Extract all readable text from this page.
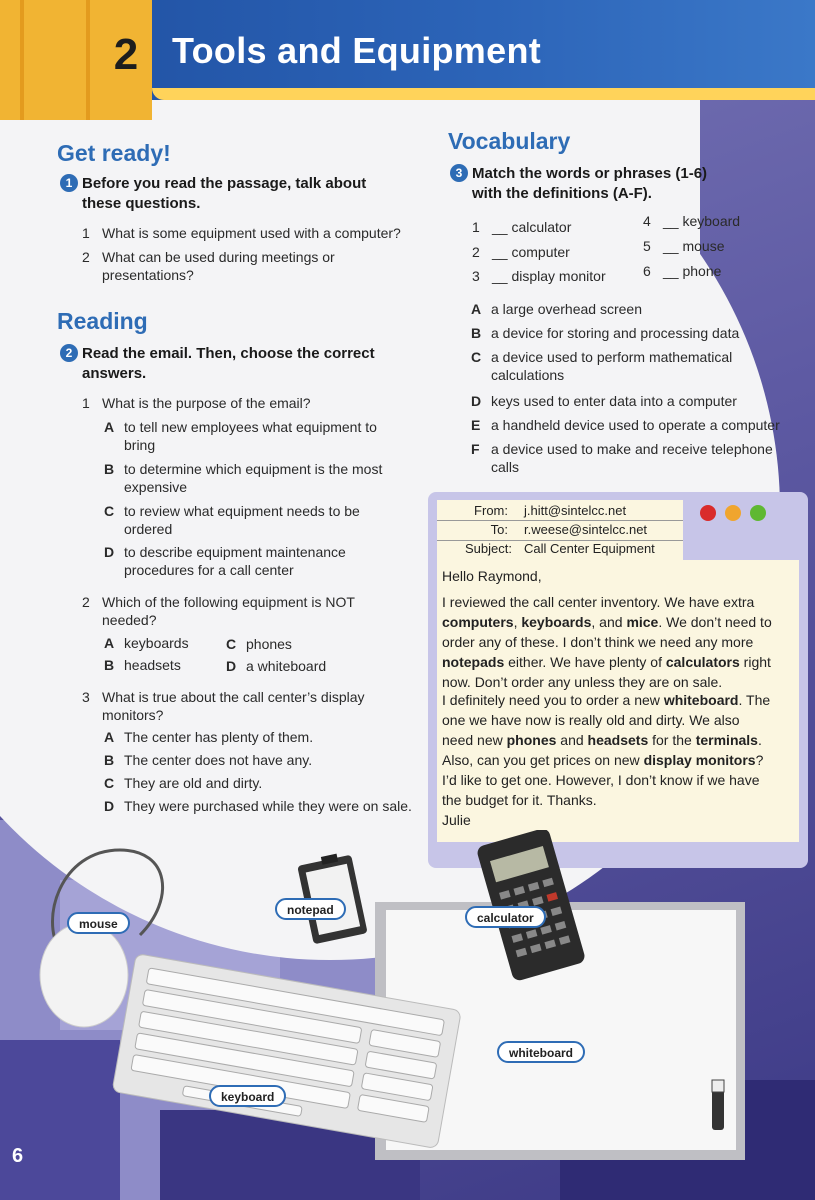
2 Tools and Equipment
Get ready!
1 Before you read the passage, talk about
these questions.
1 What is some equipment used with a computer?
2 What can be used during meetings or
presentations?
Reading
2 Read the email. Then, choose the correct
answers.
1 What is the purpose of the email?
A to tell new employees what equipment to
bring
B to determine which equipment is the most
expensive
C to review what equipment needs to be
ordered
D to describe equipment maintenance
procedures for a call center
2 Which of the following equipment is NOT
needed?
A keyboards	C phones
B headsets	D a whiteboard
3 What is true about the call center’s display
monitors?
A The center has plenty of them.
B The center does not have any.
C They are old and dirty.
D They were purchased while they were on sale.
Vocabulary
3 Match the words or phrases (1-6)
with the definitions (A-F).
1 __ calculator	4 __ keyboard
2 __ computer	5 __ mouse
3 __ display monitor	6 __ phone
A a large overhead screen
B a device for storing and processing data
C a device used to perform mathematical
calculations
D keys used to enter data into a computer
E a handheld device used to operate a computer
F a device used to make and receive telephone
calls
From: j.hitt@sintelcc.net
To: r.weese@sintelcc.net
Subject: Call Center Equipment
Hello Raymond,
I reviewed the call center inventory. We have extra
computers, keyboards, and mice. We don’t need to
order any of these. I don’t think we need any more
notepads either. We have plenty of calculators right
now. Don’t order any unless they are on sale.
I definitely need you to order a new whiteboard. The
one we have now is really old and dirty. We also
need new phones and headsets for the terminals.
Also, can you get prices on new display monitors?
I’d like to get one. However, I don’t know if we have
the budget for it. Thanks.
Julie
mouse
notepad
calculator
whiteboard
keyboard
6
